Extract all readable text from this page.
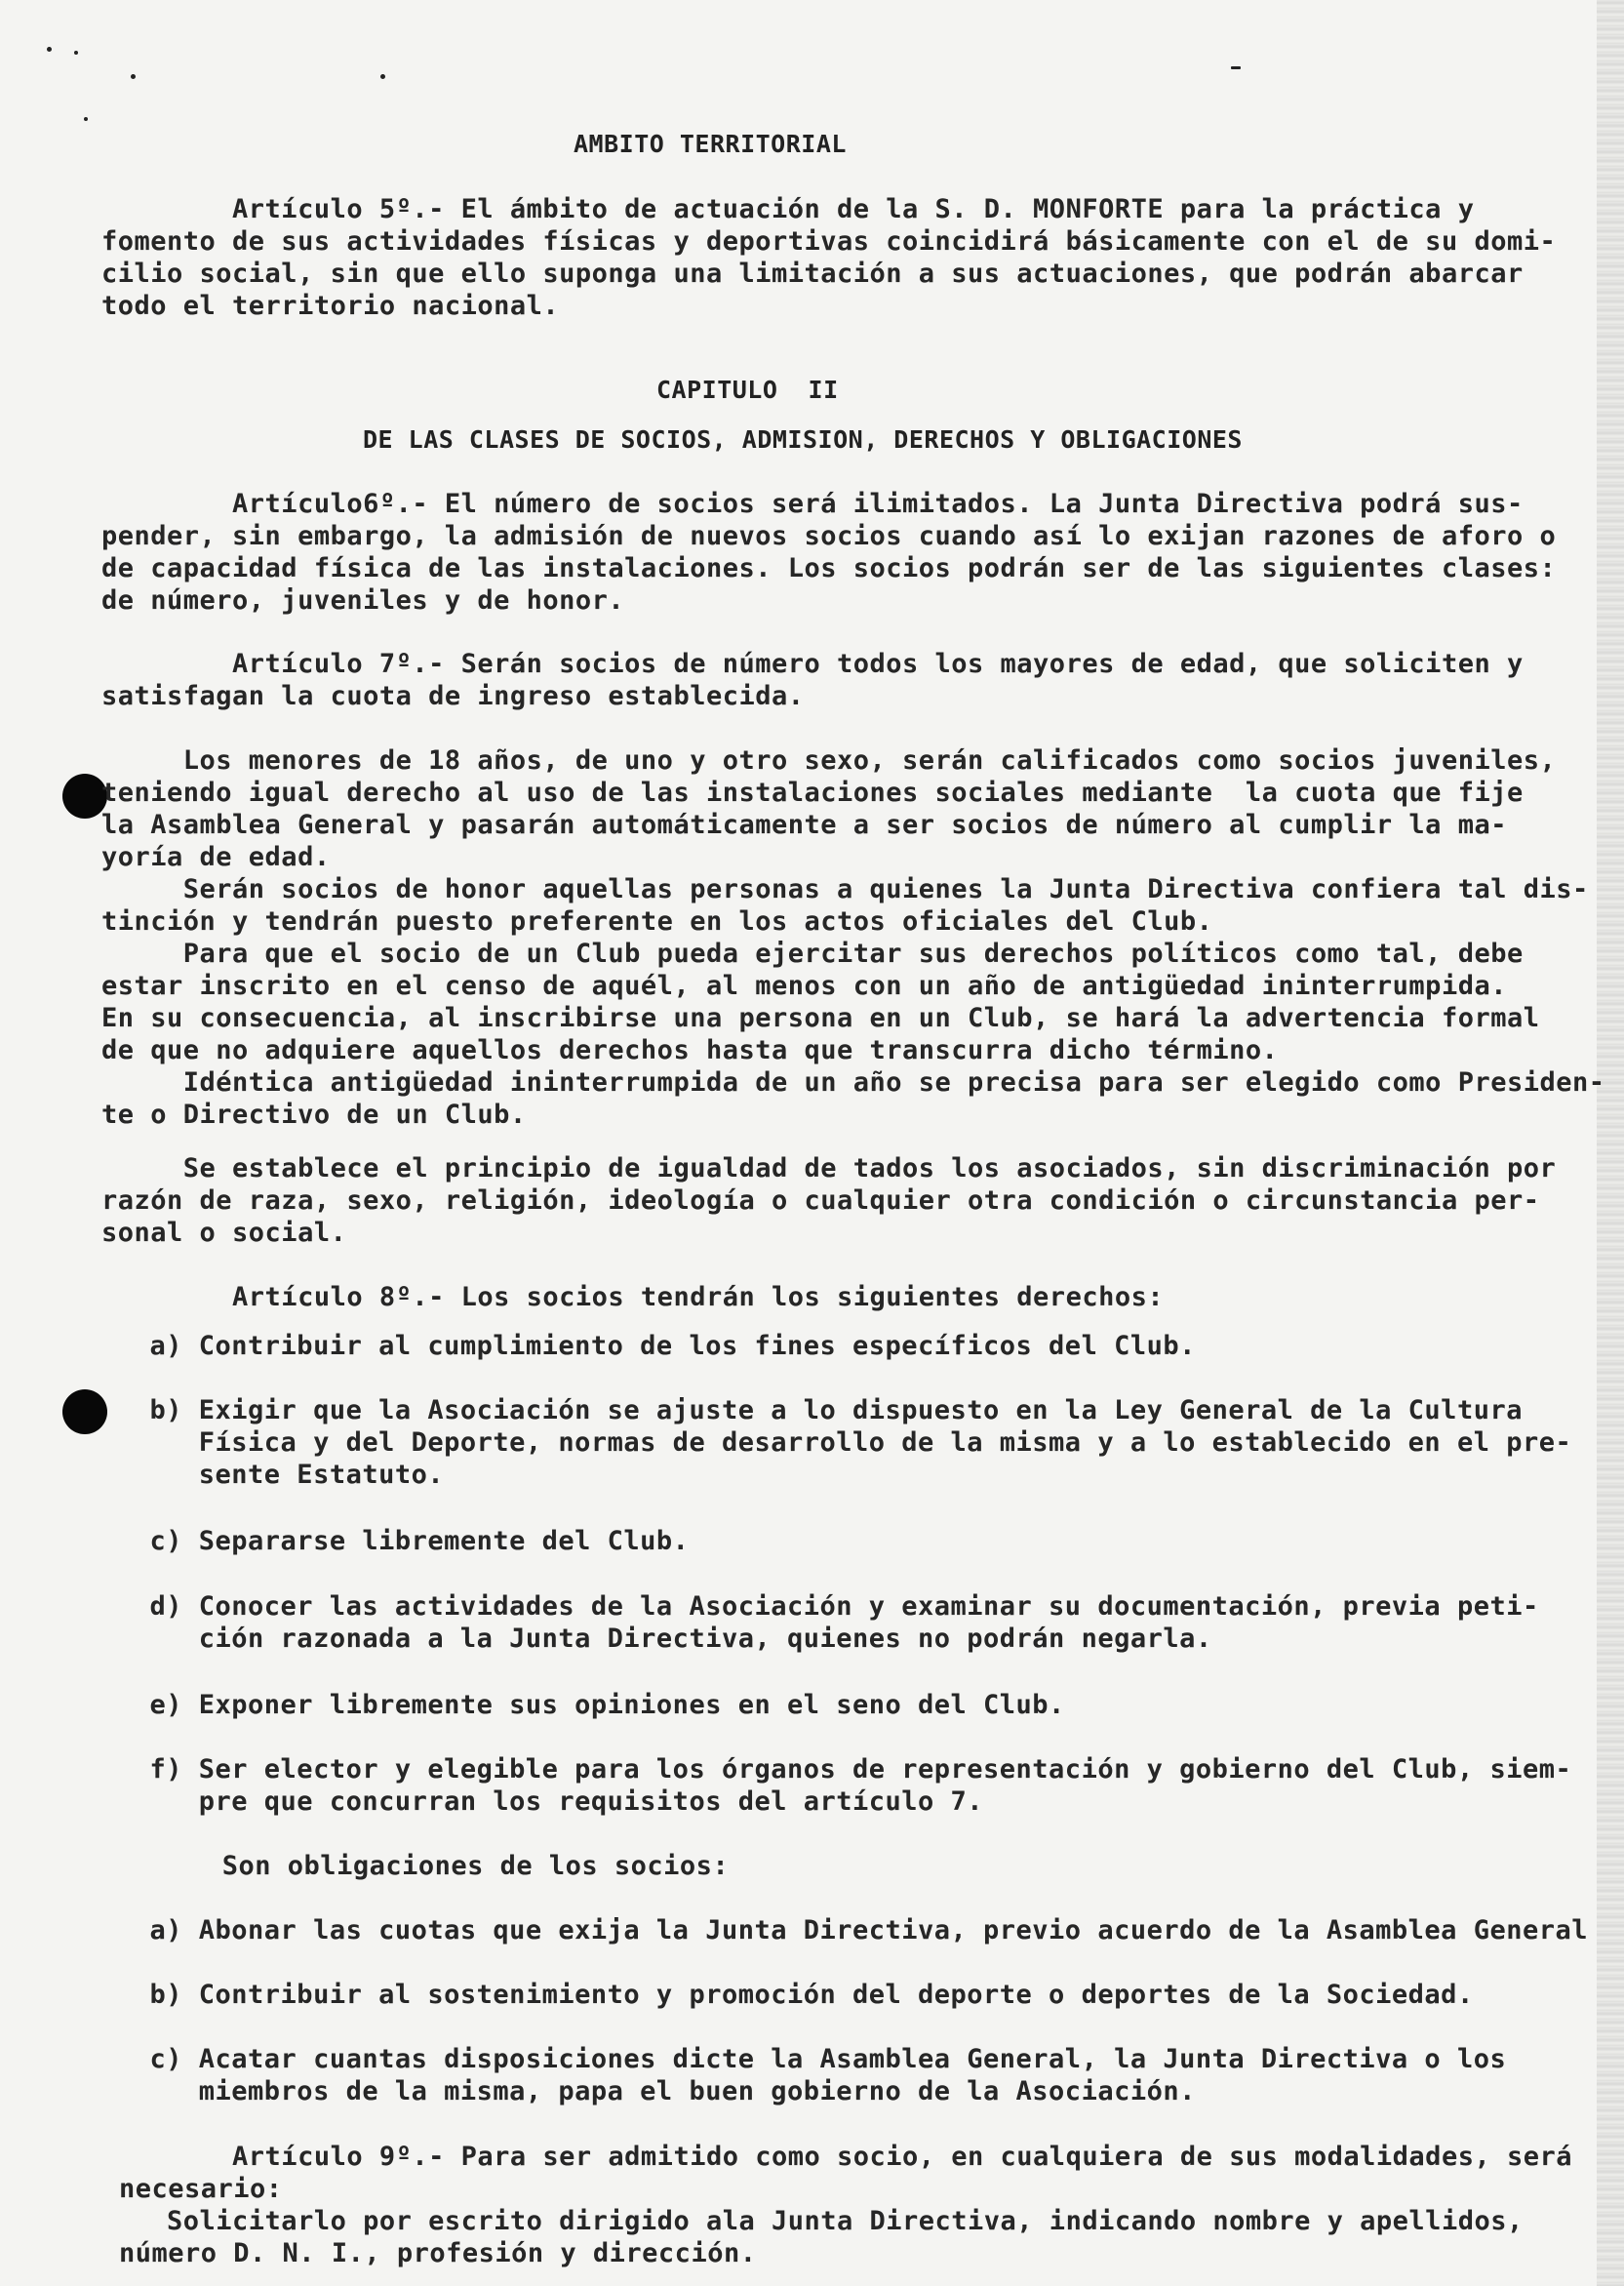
AMBITO TERRITORIAL
Artículo 5º.- El ámbito de actuación de la S. D. MONFORTE para la práctica y
fomento de sus actividades físicas y deportivas coincidirá básicamente con el de su domi-
cilio social, sin que ello suponga una limitación a sus actuaciones, que podrán abarcar
todo el territorio nacional.
CAPITULO  II
DE LAS CLASES DE SOCIOS, ADMISION, DERECHOS Y OBLIGACIONES
Artículo6º.- El número de socios será ilimitados. La Junta Directiva podrá sus-
pender, sin embargo, la admisión de nuevos socios cuando así lo exijan razones de aforo o
de capacidad física de las instalaciones. Los socios podrán ser de las siguientes clases:
de número, juveniles y de honor.
Artículo 7º.- Serán socios de número todos los mayores de edad, que soliciten y
satisfagan la cuota de ingreso establecida.
Los menores de 18 años, de uno y otro sexo, serán calificados como socios juveniles,
teniendo igual derecho al uso de las instalaciones sociales mediante  la cuota que fije
la Asamblea General y pasarán automáticamente a ser socios de número al cumplir la ma-
yoría de edad.
Serán socios de honor aquellas personas a quienes la Junta Directiva confiera tal dis-
tinción y tendrán puesto preferente en los actos oficiales del Club.
Para que el socio de un Club pueda ejercitar sus derechos políticos como tal, debe
estar inscrito en el censo de aquél, al menos con un año de antigüedad ininterrumpida.
En su consecuencia, al inscribirse una persona en un Club, se hará la advertencia formal
de que no adquiere aquellos derechos hasta que transcurra dicho término.
Idéntica antigüedad ininterrumpida de un año se precisa para ser elegido como Presiden-
te o Directivo de un Club.
Se establece el principio de igualdad de tados los asociados, sin discriminación por
razón de raza, sexo, religión, ideología o cualquier otra condición o circunstancia per-
sonal o social.
Artículo 8º.- Los socios tendrán los siguientes derechos:
a) Contribuir al cumplimiento de los fines específicos del Club.
b) Exigir que la Asociación se ajuste a lo dispuesto en la Ley General de la Cultura
Física y del Deporte, normas de desarrollo de la misma y a lo establecido en el pre-
sente Estatuto.
c) Separarse libremente del Club.
d) Conocer las actividades de la Asociación y examinar su documentación, previa peti-
ción razonada a la Junta Directiva, quienes no podrán negarla.
e) Exponer libremente sus opiniones en el seno del Club.
f) Ser elector y elegible para los órganos de representación y gobierno del Club, siem-
pre que concurran los requisitos del artículo 7.
Son obligaciones de los socios:
a) Abonar las cuotas que exija la Junta Directiva, previo acuerdo de la Asamblea General
b) Contribuir al sostenimiento y promoción del deporte o deportes de la Sociedad.
c) Acatar cuantas disposiciones dicte la Asamblea General, la Junta Directiva o los
miembros de la misma, papa el buen gobierno de la Asociación.
Artículo 9º.- Para ser admitido como socio, en cualquiera de sus modalidades, será
necesario:
Solicitarlo por escrito dirigido ala Junta Directiva, indicando nombre y apellidos,
número D. N. I., profesión y dirección.
